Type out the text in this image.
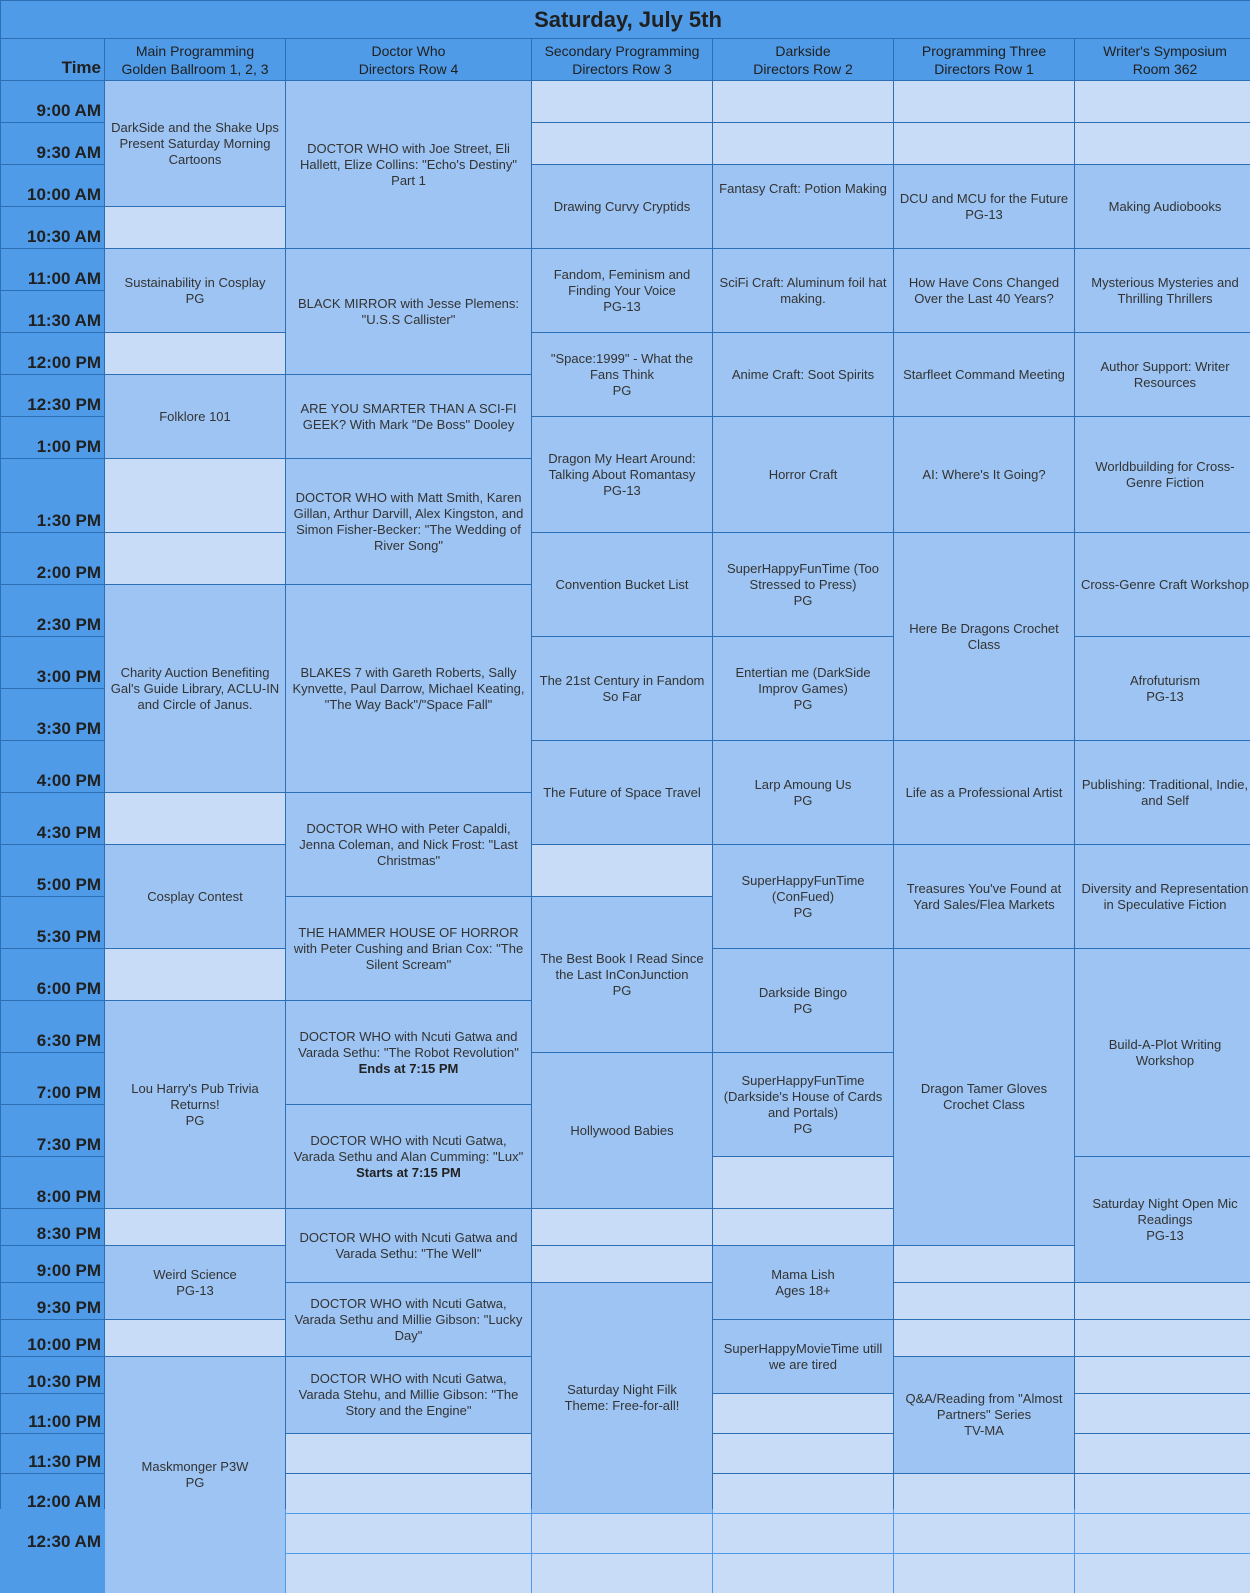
Saturday, July 5th
Time
Main Programming
Golden Ballroom 1, 2, 3
Doctor Who
Directors Row 4
Secondary Programming
Directors Row 3
Darkside
Directors Row 2
Programming Three
Directors Row 1
Writer's Symposium
Room 362
9:00 AM
9:30 AM
10:00 AM
10:30 AM
11:00 AM
11:30 AM
12:00 PM
12:30 PM
1:00 PM
1:30 PM
2:00 PM
2:30 PM
3:00 PM
3:30 PM
4:00 PM
4:30 PM
5:00 PM
5:30 PM
6:00 PM
6:30 PM
7:00 PM
7:30 PM
8:00 PM
8:30 PM
9:00 PM
9:30 PM
10:00 PM
10:30 PM
11:00 PM
11:30 PM
12:00 AM
12:30 AM
DarkSide and the Shake Ups Present Saturday Morning Cartoons
Sustainability in Cosplay
PG
Folklore 101
Charity Auction Benefiting Gal's Guide Library, ACLU-IN and Circle of Janus.
Cosplay Contest
Lou Harry's Pub Trivia Returns!
PG
Weird Science
PG-13
Maskmonger P3W
PG
DOCTOR WHO with Joe Street, Eli Hallett, Elize Collins: "Echo's Destiny" Part 1
BLACK MIRROR with Jesse Plemens: "U.S.S Callister"
ARE YOU SMARTER THAN A SCI-FI GEEK? With Mark "De Boss" Dooley
DOCTOR WHO with Matt Smith, Karen Gillan, Arthur Darvill, Alex Kingston, and Simon Fisher-Becker: "The Wedding of River Song"
BLAKES 7 with Gareth Roberts, Sally Kynvette, Paul Darrow, Michael Keating, "The Way Back"/"Space Fall"
DOCTOR WHO with Peter Capaldi, Jenna Coleman, and Nick Frost: "Last Christmas"
THE HAMMER HOUSE OF HORROR with Peter Cushing and Brian Cox: "The Silent Scream"
DOCTOR WHO with Ncuti Gatwa and Varada Sethu: "The Robot Revolution"
Ends at 7:15 PM
DOCTOR WHO with Ncuti Gatwa, Varada Sethu and Alan Cumming: "Lux"
Starts at 7:15 PM
DOCTOR WHO with Ncuti Gatwa and Varada Sethu: "The Well"
DOCTOR WHO with Ncuti Gatwa, Varada Sethu and Millie Gibson: "Lucky Day"
DOCTOR WHO with Ncuti Gatwa, Varada Stehu, and Millie Gibson: "The Story and the Engine"
Drawing Curvy Cryptids
Fandom, Feminism and Finding Your Voice
PG-13
"Space:1999" - What the Fans Think
PG
Dragon My Heart Around: Talking About Romantasy
PG-13
Convention Bucket List
The 21st Century in Fandom So Far
The Future of Space Travel
The Best Book I Read Since the Last InConJunction
PG
Hollywood Babies
Saturday Night Filk
Theme: Free-for-all!
Fantasy Craft: Potion Making
SciFi Craft: Aluminum foil hat making.
Anime Craft: Soot Spirits
Horror Craft
SuperHappyFunTime (Too Stressed to Press)
PG
Entertian me (DarkSide Improv Games)
PG
Larp Amoung Us
PG
SuperHappyFunTime (ConFued)
PG
Darkside Bingo
PG
SuperHappyFunTime (Darkside's House of Cards and Portals)
PG
Mama Lish
Ages 18+
SuperHappyMovieTime utill we are tired
DCU and MCU for the Future
PG-13
How Have Cons Changed Over the Last 40 Years?
Starfleet Command Meeting
AI: Where's It Going?
Here Be Dragons Crochet Class
Life as a Professional Artist
Treasures You've Found at Yard Sales/Flea Markets
Dragon Tamer Gloves Crochet Class
Q&A/Reading from "Almost Partners" Series
TV-MA
Making Audiobooks
Mysterious Mysteries and Thrilling Thrillers
Author Support: Writer Resources
Worldbuilding for Cross-Genre Fiction
Cross-Genre Craft Workshop
Afrofuturism
PG-13
Publishing: Traditional, Indie, and Self
Diversity and Representation in Speculative Fiction
Build-A-Plot Writing Workshop
Saturday Night Open Mic Readings
PG-13
